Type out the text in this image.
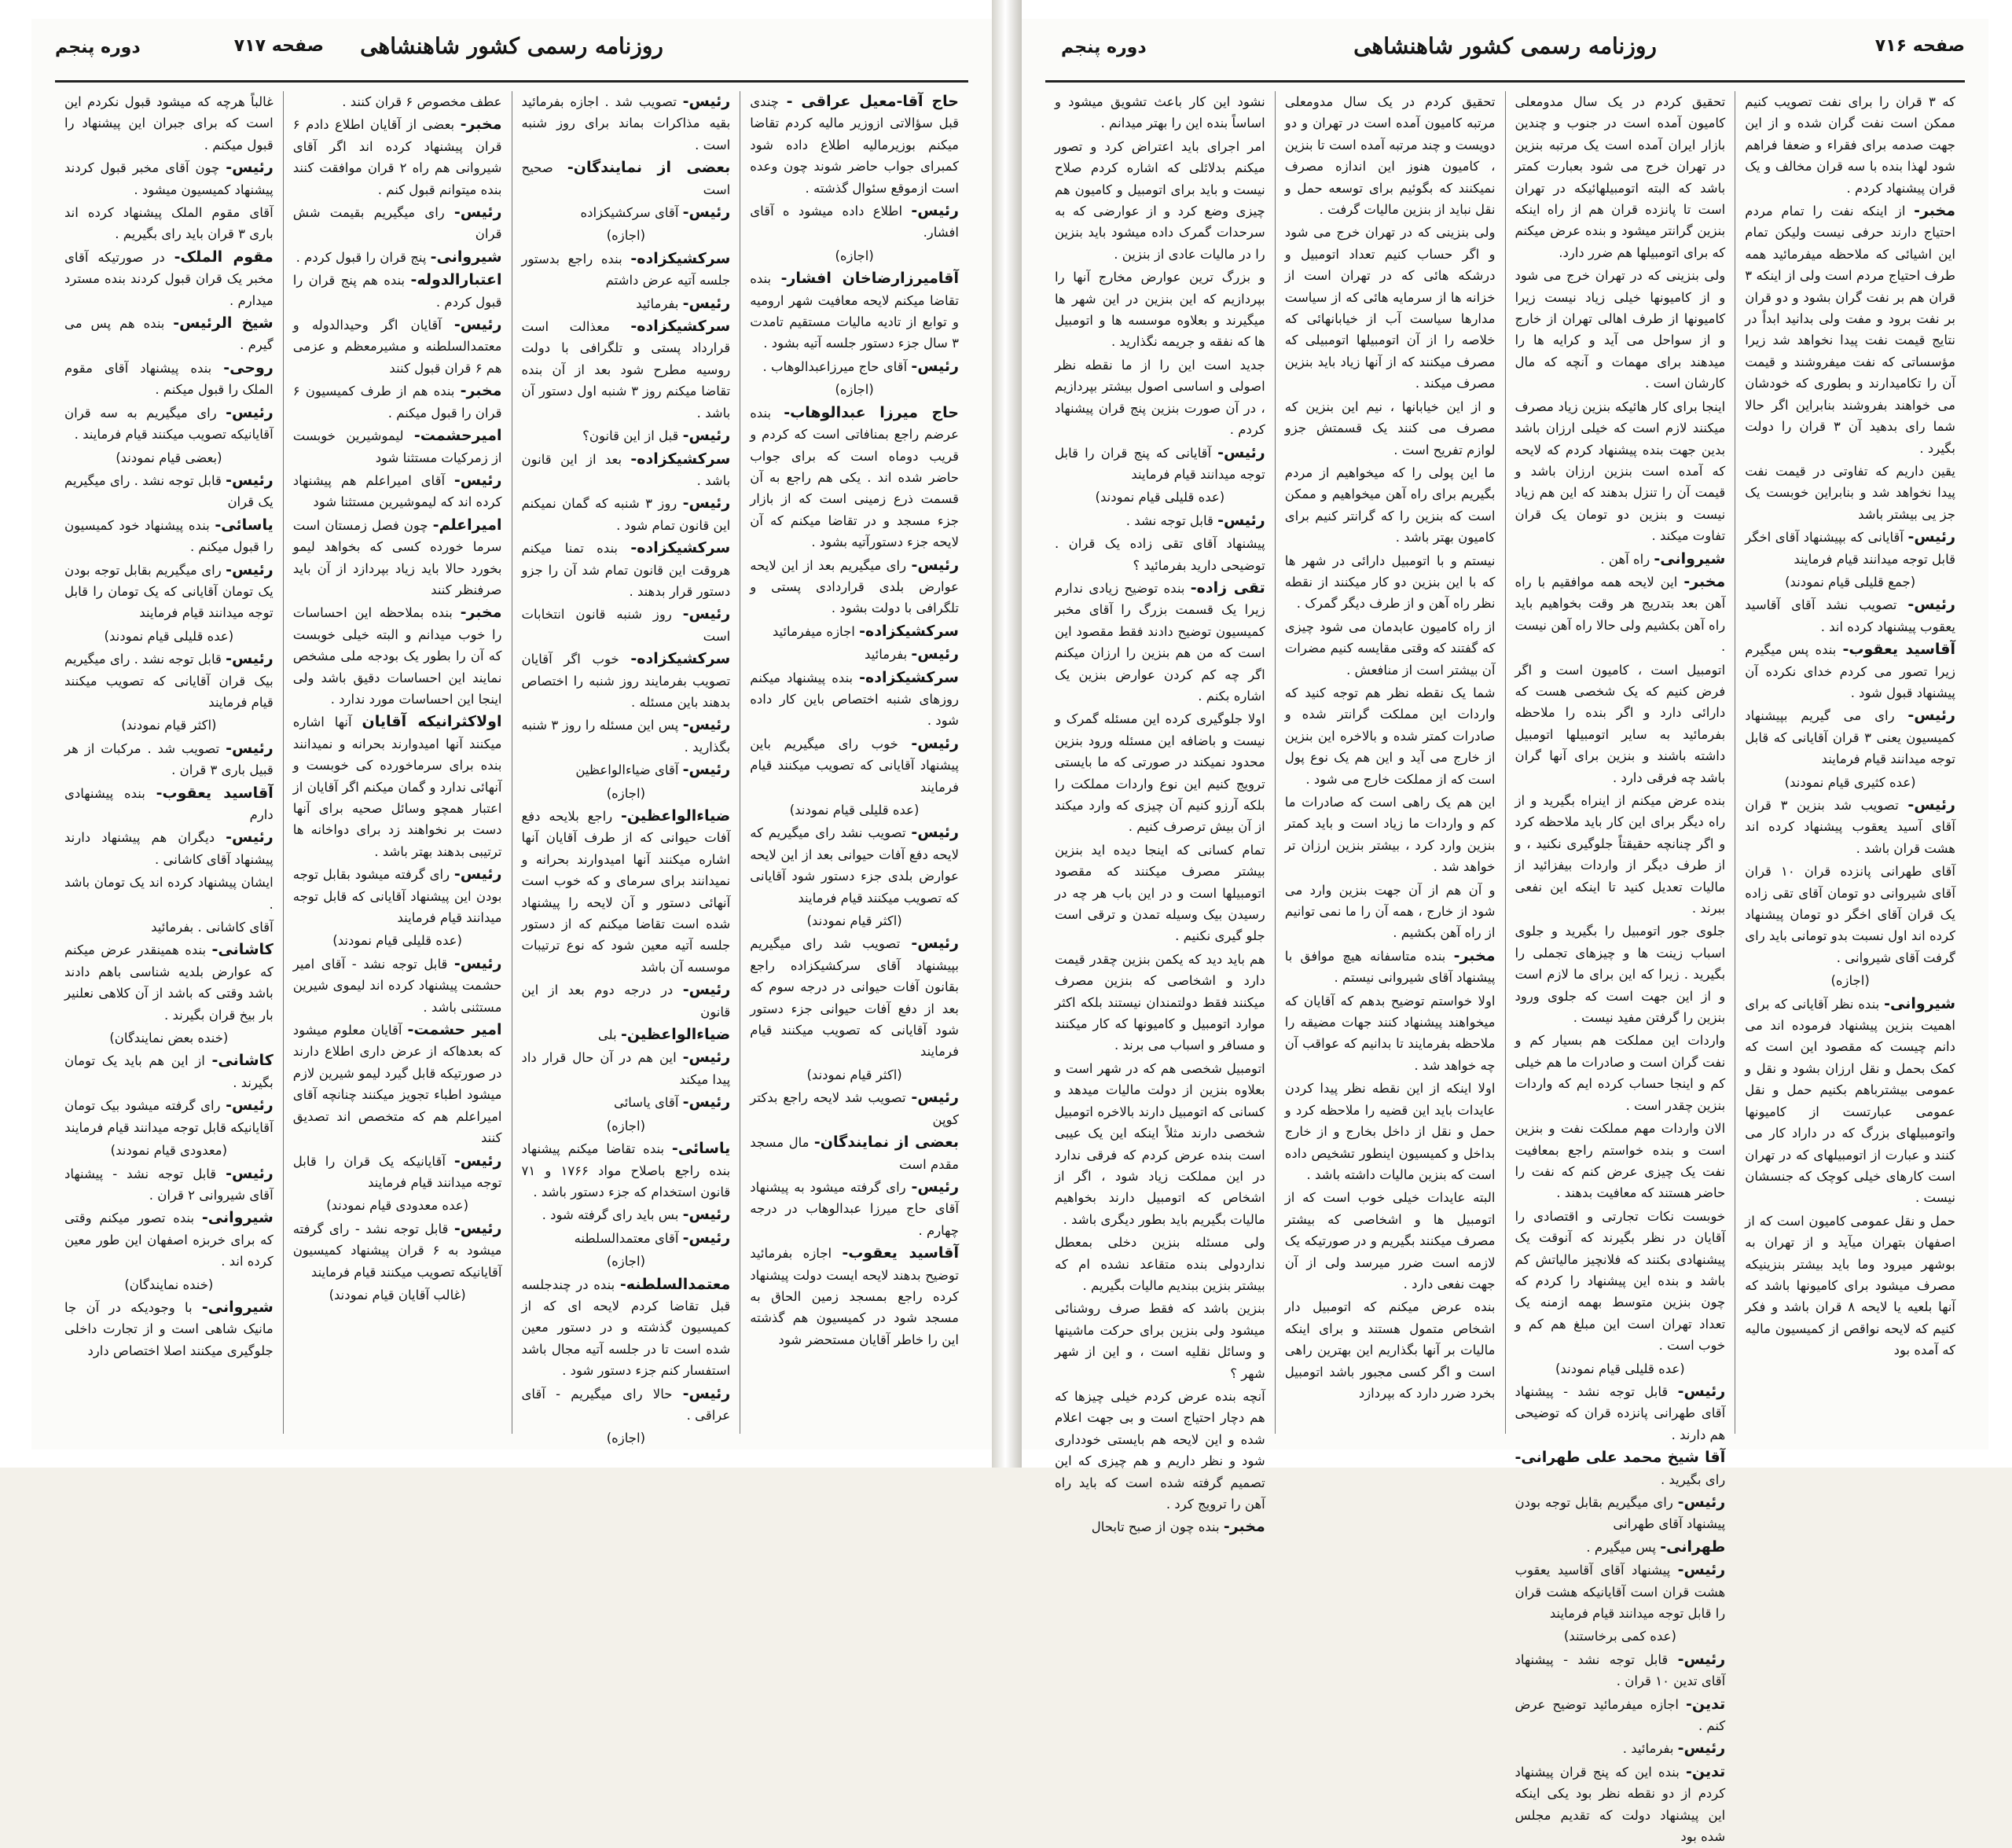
صفحه ۷۱۷ روزنامه رسمی کشور شاهنشاهی
دوره پنجم

حاج آقا-معیل عراقی - چندی قبل سؤالاتی ازوزیر مالیه کردم تقاضا میکنم بوزیرمالیه اطلاع داده شود کمبرای جواب حاضر شوند چون وعده است ازموقع سئوال گذشته .

رئیس- اطلاع داده میشود ه آقای افشار.

(اجازه)

آقامیرزارضاخان افشار- بنده تقاضا میکنم لایحه معافیت شهر ارومیه و توابع از تادیه مالیات مستقیم تامدت ۳ سال جزء دستور جلسه آتیه بشود .

رئیس- آقای حاج میرزاعبدالوهاب .

(اجازه)

حاج میرزا عبدالوهاب- بنده عرضم راجع بمنافاتی است که کردم و قریب دوماه است که برای جواب حاضر شده اند . یکی هم راجع به آن قسمت ذرع زمینی است که از بازار جزء مسجد و در تقاضا میکنم که آن لایحه جزء دستورآتیه بشود .

رئیس- رای میگیریم بعد از این لایحه عوارض بلدی قراردادی پستی و تلگرافی با دولت بشود .

سرکشیکزاده- اجازه میفرمائید

رئیس- بفرمائید

سرکشیکزاده- بنده پیشنهاد میکنم روزهای شنبه اختصاص باین کار داده شود .

رئیس- خوب رای میگیریم باین پیشنهاد آقایانی که تصویب میکنند قیام فرمایند

(عده قلیلی قیام نمودند)

رئیس- تصویب نشد رای میگیریم که لایحه دفع آفات حیوانی بعد از این لایحه عوارض بلدی جزء دستور شود آقایانی که تصویب میکنند قیام فرمایند

(اکثر قیام نمودند)

رئیس- تصویب شد رای میگیریم بپیشنهاد آقای سرکشیکزاده راجع بقانون آفات حیوانی در درجه سوم که بعد از دفع آفات حیوانی جزء دستور شود آقایانی که تصویب میکنند قیام فرمایند

(اکثر قیام نمودند)

رئیس- تصویب شد لایحه راجع بدکتر کوپن

بعضی از نمایندگان- مال مسجد مقدم است

رئیس- رای گرفته میشود به پیشنهاد آقای حاج میرزا عبدالوهاب در درجه چهارم .

آقاسید یعقوب- اجازه بفرمائید توضیح بدهند لایحه ایست دولت پیشنهاد کرده راجع بمسجد زمین الحاق به مسجد شود در کمیسیون هم گذشته این را خاطر آقایان مستحضر شود

رئیس- تصویب شد . اجازه بفرمائید بقیه مذاکرات بماند برای روز شنبه است .

بعضی از نمایندگان- صحیح است

رئیس- آقای سرکشیکزاده

(اجازه)

سرکشیکزاده- بنده راجع بدستور جلسه آتیه عرض داشتم

رئیس- بفرمائید

سرکشیکزاده- معذالت است قرارداد پستی و تلگرافی با دولت روسیه مطرح شود بعد از آن بنده تقاضا میکنم روز ۳ شنبه اول دستور آن باشد .

رئیس- قبل از این قانون؟

سرکشیکزاده- بعد از این قانون باشد .

رئیس- روز ۳ شنبه که گمان نمیکنم این قانون تمام شود .

سرکشیکزاده- بنده تمنا میکنم هروقت این قانون تمام شد آن را جزو دستور قرار بدهند .

رئیس- روز شنبه قانون انتخابات است

سرکشیکزاده- خوب اگر آقایان تصویب بفرمایند روز شنبه را اختصاص بدهند باین مسئله .

رئیس- پس این مسئله را روز ۳ شنبه بگذارید .

رئیس- آقای ضیاءالواعظین

(اجازه)

ضیاءالواعظین- راجع بلایحه دفع آفات حیوانی که از طرف آقایان آنها اشاره میکنند آنها امیدوارند بحرانه و نمیدانند برای سرمای و که خوب است آنهائی دستور و آن لایحه را پیشنهاد شده است تقاضا میکنم که از دستور جلسه آتیه معین شود که نوع ترتیبات موسسه آن باشد

رئیس- در درجه دوم بعد از این قانون

ضیاءالواعظین- بلی

رئیس- این هم در آن حال قرار داد پیدا میکند

رئیس- آقای یاسائی

(اجازه)

یاسائی- بنده تقاضا میکنم پیشنهاد بنده راجع باصلاح مواد ۱۷۶۶ و ۷۱ قانون استخدام که جزء دستور باشد .

رئیس- بس باید رای گرفته شود .

رئیس- آقای معتمدالسلطنه

(اجازه)

معتمدالسلطنه- بنده در چندجلسه قبل تقاضا کردم لایحه ای که از کمیسیون گذشته و در دستور معین شده است تا در جلسه آتیه مجال باشد استفسار کنم جزء دستور شود .

رئیس- حالا رای میگیریم - آقای عراقی .

(اجازه)

عطف مخصوص ۶ قران کنند .

مخبر- بعضی از آقایان اطلاع دادم ۶ قران پیشنهاد کرده اند اگر آقای شیروانی هم راه ۲ قران موافقت کنند بنده میتوانم قبول کنم .

رئیس- رای میگیریم بقیمت شش قران

شیروانی- پنج قران را قبول کردم .

اعتبارالدوله- بنده هم پنج قران را قبول کردم .

رئیس- آقایان اگر وحیدالدوله و معتمدالسلطنه و مشیرمعظم و عزمی هم ۶ قران قبول کنند

مخبر- بنده هم از طرف کمیسیون ۶ قران را قبول میکنم .

امیرحشمت- لیموشیرین خوبست از زمرکیات مستثنا شود

رئیس- آقای امیراعلم هم پیشنهاد کرده اند که لیموشیرین مستثنا شود

امیراعلم- چون فصل زمستان است سرما خورده کسی که بخواهد لیمو بخورد حالا باید زیاد بپردازد از آن باید صرفنظر کنند

مخبر- بنده بملاحظه این احساسات را خوب میدانم و البته خیلی خوبست که آن را بطور یک بودجه ملی مشخص نمایند این احساسات دقیق باشد ولی اینجا این احساسات مورد ندارد .

اولاکثرانیکه آقایان آنها اشاره میکنند آنها امیدوارند بحرانه و نمیدانند بنده برای سرماخورده کی خوبست و آنهائی ندارد و گمان میکنم اگر آقایان از اعتبار همچو وسائل صحیه برای آنها دست بر نخواهند زد برای دواخانه ها ترتیبی بدهند بهتر باشد .

رئیس- رای گرفته میشود بقابل توجه بودن این پیشنهاد آقایانی که قابل توجه میدانند قیام فرمایند

(عده قلیلی قیام نمودند)

رئیس- قابل توجه نشد - آقای امیر حشمت پیشنهاد کرده اند لیموی شیرین مستثنی باشد .

امیر حشمت- آقایان معلوم میشود که بعدهاکه از عرض داری اطلاع دارند در صورتیکه قابل گیرد لیمو شیرین لازم میشود اطباء تجویز میکنند چنانچه آقای امیراعلم هم که متخصص اند تصدیق کنند

رئیس- آقایانیکه یک قران را قابل توجه میدانند قیام فرمایند

(عده معدودی قیام نمودند)

رئیس- قابل توجه نشد - رای گرفته میشود به ۶ قران پیشنهاد کمیسیون آقایانیکه تصویب میکنند قیام فرمایند

(غالب آقایان قیام نمودند)

غالباً هرچه که میشود قبول نکردم این است که برای جبران این پیشنهاد را قبول میکنم .

رئیس- چون آقای مخبر قبول کردند پیشنهاد کمیسیون میشود .

آقای مقوم الملک پیشنهاد کرده اند باری ۳ قران باید رای بگیریم .

مقوم الملک- در صورتیکه آقای مخبر یک قران قبول کردند بنده مسترد میدارم .

شیخ الرئیس- بنده هم پس می گیرم .

روحی- بنده پیشنهاد آقای مقوم الملک را قبول میکنم .

رئیس- رای میگیریم به سه قران آقایانیکه تصویب میکنند قیام فرمایند .

(بعضی قیام نمودند)

رئیس- قابل توجه نشد . رای میگیریم یک قران

یاسائی- بنده پیشنهاد خود کمیسیون را قبول میکنم .

رئیس- رای میگیریم بقابل توجه بودن یک تومان آقایانی که یک تومان را قابل توجه میدانند قیام فرمایند

(عده قلیلی قیام نمودند)

رئیس- قابل توجه نشد . رای میگیریم بیک قران آقایانی که تصویب میکنند قیام فرمایند

(اکثر قیام نمودند)

رئیس- تصویب شد . مرکبات از هر قبیل باری ۳ قران .

آقاسید یعقوب- بنده پیشنهادی دارم

رئیس- دیگران هم پیشنهاد دارند پیشنهاد آقای کاشانی .

ایشان پیشنهاد کرده اند یک تومان باشد .

آقای کاشانی . بفرمائید

کاشانی- بنده همینقدر عرض میکنم که عوارض بلدیه شناسی باهم دادند باشد وقتی که باشد از آن کلاهی نعلنیر بار بیخ قران بگیرند .

(خنده بعض نمایندگان)

کاشانی- از این هم باید یک تومان بگیرند .

رئیس- رای گرفته میشود بیک تومان آقایانیکه قابل توجه میدانند قیام فرمایند

(معدودی قیام نمودند)

رئیس- قابل توجه نشد - پیشنهاد آقای شیروانی ۲ قران .

شیروانی- بنده تصور میکنم وقتی که برای خربزه اصفهان این طور معین کرده اند .

(خنده نمایندگان)

شیروانی- با وجودیکه در آن جا مانیک شاهی است و از تجارت داخلی جلوگیری میکنند اصلا اختصاص دارد

صفحه ۷۱۶
روزنامه رسمی کشور شاهنشاهی
دوره پنجم

که ۳ قران را برای نفت تصویب کنیم ممکن است نفت گران شده و از این جهت صدمه برای فقراء و ضعفا فراهم شود لهذا بنده با سه قران مخالف و یک قران پیشنهاد کردم .

مخبر- از اینکه نفت را تمام مردم احتیاج دارند حرفی نیست ولیکن تمام این اشیائی که ملاحظه میفرمائید همه طرف احتیاج مردم است ولی از اینکه ۳ قران هم بر نفت گران بشود و دو قران بر نفت برود و مفت ولی بدانید ابداً در نتایج قیمت نفت پیدا نخواهد شد زیرا مؤسساتی که نفت میفروشند و قیمت آن را تکامیدارند و بطوری که خودشان می خواهند بفروشند بنابراین اگر حالا شما رای بدهید آن ۳ قران را دولت بگیرد .

یقین داریم که تفاوتی در قیمت نفت پیدا نخواهد شد و بنابراین خوبست یک جز یی بیشتر باشد

رئیس- آقایانی که بپیشنهاد آقای اخگر قابل توجه میدانند قیام فرمایند

(جمع قلیلی قیام نمودند)

رئیس- تصویب نشد آقای آقاسید یعقوب پیشنهاد کرده اند .

آقاسید یعقوب- بنده پس میگیرم زیرا تصور می کردم خدای نکرده آن پیشنهاد قبول شود .

رئیس- رای می گیریم بپیشنهاد کمیسیون یعنی ۳ قران آقایانی که قابل توجه میدانند قیام فرمایند

(عده کثیری قیام نمودند)

رئیس- تصویب شد بنزین ۳ قران آقای آسید یعقوب پیشنهاد کرده اند هشت قران باشد .

آقای طهرانی پانزده قران ۱۰ قران آقای شیروانی دو تومان آقای تقی زاده یک قران آقای اخگر دو تومان پیشنهاد کرده اند اول نسبت بدو تومانی باید رای گرفت آقای شیروانی .

(اجازه)

شیروانی- بنده نظر آقایانی که برای اهمیت بنزین پیشنهاد فرموده اند می دانم چیست که مقصود این است که کمک بحمل و نقل ارزان بشود و نقل و عمومی بیشترباهم بکنیم حمل و نقل عمومی عبارتست از کامیونها واتومبیلهای بزرگ که در داراد کار می کنند و عبارت از اتومبیلهای که در تهران است کارهای خیلی کوچک که جنسشان نیست .

حمل و نقل عمومی کامیون است که از اصفهان بتهران میآید و از تهران به بوشهر میرود وما باید بیشتر بنزینیکه مصرف میشود برای کامیونها باشد که آنها بلعیه یا لایحه ۸ قران باشد و فکر کنیم که لایحه نواقص از کمیسیون مالیه که آمده بود

تحقیق کردم در یک سال مدومعلی کامیون آمده است در جنوب و چندین بازار ایران آمده است یک مرتبه بنزین در تهران خرج می شود بعبارت کمتر باشد که البته اتومبیلهائیکه در تهران است تا پانزده قران هم از راه اینکه بنزین گرانتر میشود و بنده عرض میکنم که برای اتومبیلها هم ضرر دارد.

ولی بنزینی که در تهران خرج می شود و از کامیونها خیلی زیاد نیست زیرا کامیونها از طرف اهالی تهران از خارج و از سواحل می آید و کرایه ها را میدهند برای مهمات و آنچه که مال کارشان است .

اینجا برای کار هائیکه بنزین زیاد مصرف میکنند لازم است که خیلی ارزان باشد بدین جهت بنده پیشنهاد کردم که لایحه که آمده است بنزین ارزان باشد و قیمت آن را تنزل بدهند که این هم زیاد نیست و بنزین دو تومان یک قران تفاوت میکند .

شیروانی- راه آهن .

مخبر- این لایحه همه موافقیم با راه آهن بعد بتدریج هر وقت بخواهیم باید راه آهن بکشیم ولی حالا راه آهن نیست .

اتومبیل است ، کامیون است و اگر فرض کنیم که یک شخصی هست که دارائی دارد و اگر بنده را ملاحظه بفرمائید به سایر اتومبیلها اتومبیل داشته باشند و بنزین برای آنها گران باشد چه فرقی دارد .

بنده عرض میکنم از اینراه بگیرید و از راه دیگر برای این کار باید ملاحظه کرد و اگر چنانچه حقیقتاً جلوگیری نکنید ، و از طرف دیگر از واردات بیفزائید از مالیات تعدیل کنید تا اینکه این نفعی ببرند .

جلوی جور اتومبیل را بگیرید و جلوی اسباب زینت ها و چیزهای تجملی را بگیرید . زیرا که این برای ما لازم است و از این جهت است که جلوی ورود بنزین را گرفتن مفید نیست .

واردات این مملکت هم بسیار کم و نفت گران است و صادرات ما هم خیلی کم و اینجا حساب کرده ایم که واردات بنزین چقدر است .

الان واردات مهم مملکت نفت و بنزین است و بنده خواستم راجع بمعافیت نفت یک چیزی عرض کنم که نفت را حاضر هستند که معافیت بدهند .

خوبست نکات تجارتی و اقتصادی را آقایان در نظر بگیرند که آنوقت یک پیشنهادی بکنند که فلانچیز مالیاتش کم باشد و بنده این پیشنهاد را کردم که چون بنزین متوسط بهمه ازمنه یک تعداد تهران است این مبلغ هم کم و خوب است .

(عده قلیلی قیام نمودند)

رئیس- قابل توجه نشد - پیشنهاد آقای طهرانی پانزده قران که توضیحی هم دارند .

آقا شیخ محمد علی طهرانی- رای بگیرید .

رئیس- رای میگیریم بقابل توجه بودن پیشنهاد آقای طهرانی

طهرانی- پس میگیرم .

رئیس- پیشنهاد آقای آقاسید یعقوب هشت قران است آقایانیکه هشت قران را قابل توجه میدانند قیام فرمایند

(عده کمی برخاستند)

رئیس- قابل توجه نشد - پیشنهاد آقای تدین ۱۰ قران .

تدین- اجازه میفرمائید توضیح عرض کنم .

رئیس- بفرمائید .

تدین- بنده این که پنج قران پیشنهاد کردم از دو نقطه نظر بود یکی اینکه این پیشنهاد دولت که تقدیم مجلس شده بود

تحقیق کردم در یک سال مدومعلی مرتبه کامیون آمده است در تهران و دو دویست و چند مرتبه آمده است تا بنزین ، کامیون هنوز این اندازه مصرف نمیکنند که بگوئیم برای توسعه حمل و نقل نباید از بنزین مالیات گرفت .

ولی بنزینی که در تهران خرج می شود و اگر حساب کنیم تعداد اتومبیل و درشکه هائی که در تهران است از خزانه ها از سرمایه هائی که از سیاست مدارها سیاست آب از خیابانهائی که خلاصه را از آن اتومبیلها اتومبیلی که مصرف میکنند که از آنها زیاد باید بنزین مصرف میکند .

و از این خیابانها ، نیم این بنزین که مصرف می کنند یک قسمتش جزو لوازم تفریح است .

ما این پولی را که میخواهیم از مردم بگیریم برای راه آهن میخواهیم و ممکن است که بنزین را که گرانتر کنیم برای کامیون بهتر باشد .

نیستم و با اتومبیل دارائی در شهر ها که با این بنزین دو کار میکنند از نقطه نظر راه آهن و از طرف دیگر گمرک .

از راه کامیون عابدمان می شود چیزی که گفتند که وقتی مقایسه کنیم مضرات آن بیشتر است از منافعش .

شما یک نقطه نظر هم توجه کنید که واردات این مملکت گرانتر شده و صادرات کمتر شده و بالاخره این بنزین از خارج می آید و این هم یک نوع پول است که از مملکت خارج می شود .

این هم یک راهی است که صادرات ما کم و واردات ما زیاد است و باید کمتر بنزین وارد کرد ، بیشتر بنزین ارزان تر خواهد شد .

و آن هم از آن جهت بنزین وارد می شود از خارج ، همه آن را ما نمی توانیم از راه آهن بکشیم .

مخبر- بنده متاسفانه هیچ موافق با پیشنهاد آقای شیروانی نیستم .

اولا خواستم توضیح بدهم که آقایان که میخواهند پیشنهاد کنند جهات مضیقه را ملاحظه بفرمایند تا بدانیم که عواقب آن چه خواهد شد .

اولا اینکه از این نقطه نظر پیدا کردن عایدات باید این قضیه را ملاحظه کرد و حمل و نقل از داخل بخارج و از خارج بداخل و کمیسیون اینطور تشخیص داده است که بنزین مالیات داشته باشد .

البته عایدات خیلی خوب است که از اتومبیل ها و اشخاصی که بیشتر مصرف میکنند بگیریم و در صورتیکه یک لازمه است ضرر میرسد ولی از آن جهت نفعی دارد .

بنده عرض میکنم که اتومبیل دار اشخاص متمول هستند و برای اینکه مالیات بر آنها بگذاریم این بهترین راهی است و اگر کسی مجبور باشد اتومبیل بخرد ضرر دارد که بپردازد

نشود این کار باعث تشویق میشود و اساساً بنده این را بهتر میدانم .

امر اجرای باید اعتراض کرد و تصور میکنم بدلائلی که اشاره کردم صلاح نیست و باید برای اتومبیل و کامیون هم چیزی وضع کرد و از عوارضی که به سرحدات گمرک داده میشود باید بنزین را در مالیات عادی از بنزین .

و بزرگ ترین عوارض مخارج آنها را بپردازیم که این بنزین در این شهر ها میگیرند و بعلاوه موسسه ها و اتومبیل ها که نفقه و جریمه نگذارید .

جدید است این را از ما نقطه نظر اصولی و اساسی اصول بیشتر بپردازیم ، در آن صورت بنزین پنج قران پیشنهاد کردم .

رئیس- آقایانی که پنج قران را قابل توجه میدانند قیام فرمایند

(عده قلیلی قیام نمودند)

رئیس- قابل توجه نشد .

پیشنهاد آقای تقی زاده یک قران . توضیحی دارید بفرمائید ؟

تقی زاده- بنده توضیح زیادی ندارم زیرا یک قسمت بزرگ را آقای مخبر کمیسیون توضیح دادند فقط مقصود این است که من هم بنزین را ارزان میکنم اگر چه کم کردن عوارض بنزین یک اشاره بکنم .

اولا جلوگیری کرده این مسئله گمرک و نیست و باضافه این مسئله ورود بنزین محدود نمیکند در صورتی که ما بایستی ترویج کنیم این نوع واردات مملکت را بلکه آرزو کنیم آن چیزی که وارد میکند از آن بیش ترصرف کنیم .

تمام کسانی که اینجا دیده اید بنزین بیشتر مصرف میکنند که مقصود اتومبیلها است و در این باب هر چه در رسیدن بیک وسیله تمدن و ترقی است جلو گیری نکنیم .

هم باید دید که یکمن بنزین چقدر قیمت دارد و اشخاصی که بنزین مصرف میکنند فقط دولتمندان نیستند بلکه اکثر موارد اتومبیل و کامیونها که کار میکنند و مسافر و اسباب می برند .

اتومبیل شخصی هم که در شهر است و بعلاوه بنزین از دولت مالیات میدهد و کسانی که اتومبیل دارند بالاخره اتومبیل شخصی دارند مثلاً اینکه این یک عیبی است بنده عرض کردم که فرقی ندارد در این مملکت زیاد شود ، اگر از اشخاص که اتومبیل دارند بخواهیم مالیات بگیریم باید بطور دیگری باشد .

ولی مسئله بنزین دخلی بمعطل نداردولی بنده متقاعد نشده ام که بیشتر بنزین ببندیم مالیات بگیریم .

بنزین باشد که فقط صرف روشنائی میشود ولی بنزین برای حرکت ماشینها و وسائل نقلیه است ، و این از شهر شهر ؟

آنچه بنده عرض کردم خیلی چیزها که هم دچار احتیاج است و بی جهت اعلام شده و این لایحه هم بایستی خودداری شود و نظر داریم و هم چیزی که این تصمیم گرفته شده است که باید راه آهن را ترویج کرد .

مخبر- بنده چون از صبح تابحال
